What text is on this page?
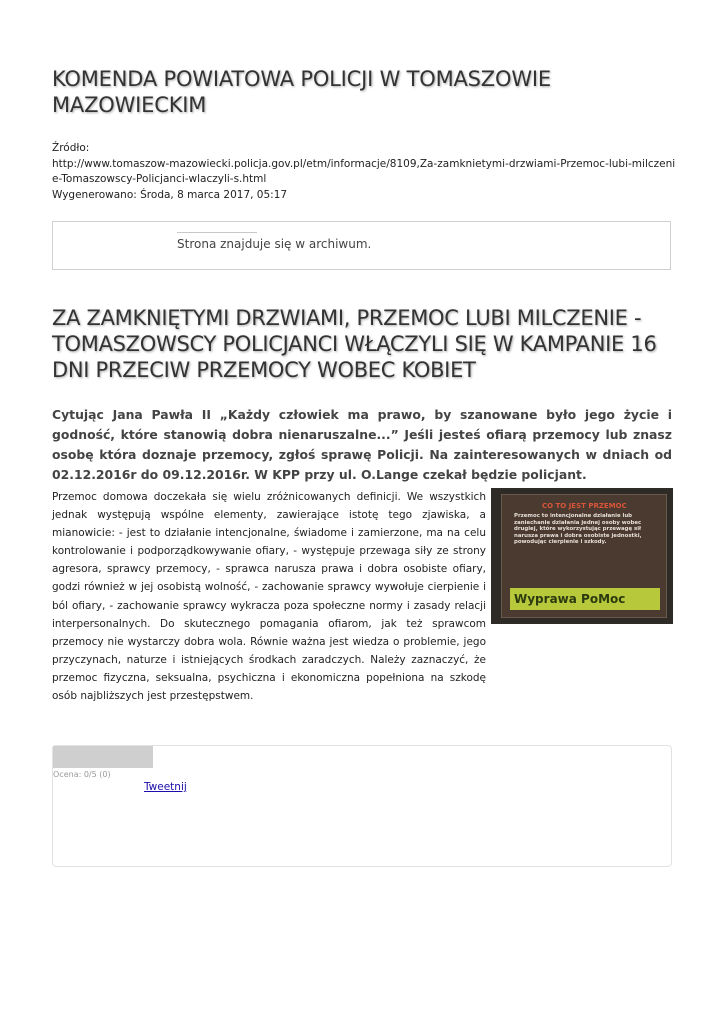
KOMENDA POWIATOWA POLICJI W TOMASZOWIE MAZOWIECKIM
Źródło:
http://www.tomaszow-mazowiecki.policja.gov.pl/etm/informacje/8109,Za-zamknietymi-drzwiami-Przemoc-lubi-milczenie-Tomaszowscy-Policjanci-wlaczyli-s.html
Wygenerowano: Środa, 8 marca 2017, 05:17
Strona znajduje się w archiwum.
ZA ZAMKNIĘTYMI DRZWIAMI, PRZEMOC LUBI MILCZENIE - TOMASZOWSCY POLICJANCI WŁĄCZYLI SIĘ W KAMPANIE 16 DNI PRZECIW PRZEMOCY WOBEC KOBIET

Cytując Jana Pawła II „Każdy człowiek ma prawo, by szanowane było jego życie i godność, które stanowią dobra nienaruszalne...” Jeśli jesteś ofiarą przemocy lub znasz osobę która doznaje przemocy, zgłoś sprawę Policji. Na zainteresowanych w dniach od 02.12.2016r do 09.12.2016r. W KPP przy ul. O.Lange czekał będzie policjant.

Przemoc domowa doczekała się wielu zróżnicowanych definicji. We wszystkich jednak występują wspólne elementy, zawierające istotę tego zjawiska, a mianowicie: - jest to działanie intencjonalne, świadome i zamierzone, ma na celu kontrolowanie i podporządkowywanie ofiary, - występuje przewaga siły ze strony agresora, sprawcy przemocy, - sprawca narusza prawa i dobra osobiste ofiary, godzi również w jej osobistą wolność, - zachowanie sprawcy wywołuje cierpienie i ból ofiary, - zachowanie sprawcy wykracza poza społeczne normy i zasady relacji interpersonalnych. Do skutecznego pomagania ofiarom, jak też sprawcom przemocy nie wystarczy dobra wola. Równie ważna jest wiedza o problemie, jego przyczynach, naturze i istniejących środkach zaradczych. Należy zaznaczyć, że przemoc fizyczna, seksualna, psychiczna i ekonomiczna popełniona na szkodę osób najbliższych jest przestępstwem.

CO TO JEST PRZEMOC
Przemoc to intencjonalne działanie lub zaniechanie działania jednej osoby wobec drugiej, które wykorzystując przewagę sił narusza prawa i dobra osobiste jednostki, powodując cierpienie i szkody.
Wyprawa PoMoc
Ocena: 0/5 (0)
Tweetnij
